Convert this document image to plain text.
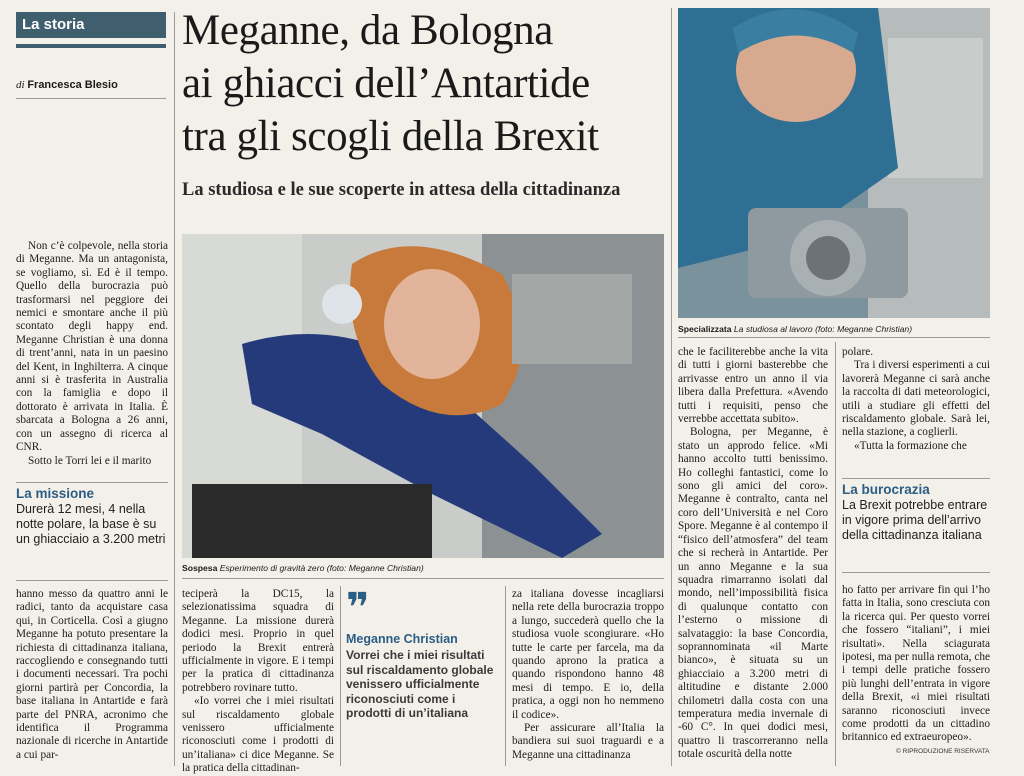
La storia
di Francesca Blesio
Meganne, da Bologna
ai ghiacci dell’Antartide
tra gli scogli della Brexit
La studiosa e le sue scoperte in attesa della cittadinanza
Specializzata La studiosa al lavoro (foto: Meganne Christian)
Sospesa Esperimento di gravità zero (foto: Meganne Christian)

Non c’è colpevole, nella storia di Meganne. Ma un antagonista, se vogliamo, sì. Ed è il tempo. Quello della burocrazia può trasformarsi nel peggiore dei nemici e smontare anche il più scontato degli happy end. Meganne Christian è una donna di trent’anni, nata in un paesino del Kent, in Inghilterra. A cinque anni si è trasferita in Australia con la famiglia e dopo il dottorato è arrivata in Italia. È sbarcata a Bologna a 26 anni, con un assegno di ricerca al CNR.

Sotto le Torri lei e il marito

La missione
Durerà 12 mesi, 4 nella notte polare, la base è su un ghiacciaio a 3.200 metri

hanno messo da quattro anni le radici, tanto da acquistare casa qui, in Corticella. Così a giugno Meganne ha potuto presentare la richiesta di cittadinanza italiana, raccogliendo e consegnando tutti i documenti necessari. Tra pochi giorni partirà per Concordia, la base italiana in Antartide e farà parte del PNRA, acronimo che identifica il Programma nazionale di ricerche in Antartide a cui par-

teciperà la DC15, la selezionatissima squadra di Meganne. La missione durerà dodici mesi. Proprio in quel periodo la Brexit entrerà ufficialmente in vigore. E i tempi per la pratica di cittadinanza potrebbero rovinare tutto.

«Io vorrei che i miei risultati sul riscaldamento globale venissero ufficialmente riconosciuti come i prodotti di un’italiana» ci dice Meganne. Se la pratica della cittadinan-

❞
Meganne Christian
Vorrei che i miei risultati sul riscaldamento globale venissero ufficialmente riconosciuti come i prodotti di un’italiana

za italiana dovesse incagliarsi nella rete della burocrazia troppo a lungo, succederà quello che la studiosa vuole scongiurare. «Ho tutte le carte per farcela, ma da quando aprono la pratica a quando rispondono hanno 48 mesi di tempo. E io, della pratica, a oggi non ho nemmeno il codice».

Per assicurare all’Italia la bandiera sui suoi traguardi e a Meganne una cittadinanza

che le faciliterebbe anche la vita di tutti i giorni basterebbe che arrivasse entro un anno il via libera dalla Prefettura. «Avendo tutti i requisiti, penso che verrebbe accettata subito».

Bologna, per Meganne, è stato un approdo felice. «Mi hanno accolto tutti benissimo. Ho colleghi fantastici, come lo sono gli amici del coro». Meganne è contralto, canta nel coro dell’Università e nel Coro Spore. Meganne è al contempo il “fisico dell’atmosfera” del team che si recherà in Antartide. Per un anno Meganne e la sua squadra rimarranno isolati dal mondo, nell’impossibilità fisica di qualunque contatto con l’esterno o missione di salvataggio: la base Concordia, soprannominata «il Marte bianco», è situata su un ghiacciaio a 3.200 metri di altitudine e distante 2.000 chilometri dalla costa con una temperatura media invernale di -60 C°. In quei dodici mesi, quattro li trascorreranno nella totale oscurità della notte

polare.

Tra i diversi esperimenti a cui lavorerà Meganne ci sarà anche la raccolta di dati meteorologici, utili a studiare gli effetti del riscaldamento globale. Sarà lei, nella stazione, a coglierli.

«Tutta la formazione che

La burocrazia
La Brexit potrebbe entrare in vigore prima dell’arrivo della cittadinanza italiana

ho fatto per arrivare fin qui l’ho fatta in Italia, sono cresciuta con la ricerca qui. Per questo vorrei che fossero “italiani”, i miei risultati». Nella sciagurata ipotesi, ma per nulla remota, che i tempi delle pratiche fossero più lunghi dell’entrata in vigore della Brexit, «i miei risultati saranno riconosciuti invece come prodotti da un cittadino britannico ed extraeuropeo».

© RIPRODUZIONE RISERVATA
